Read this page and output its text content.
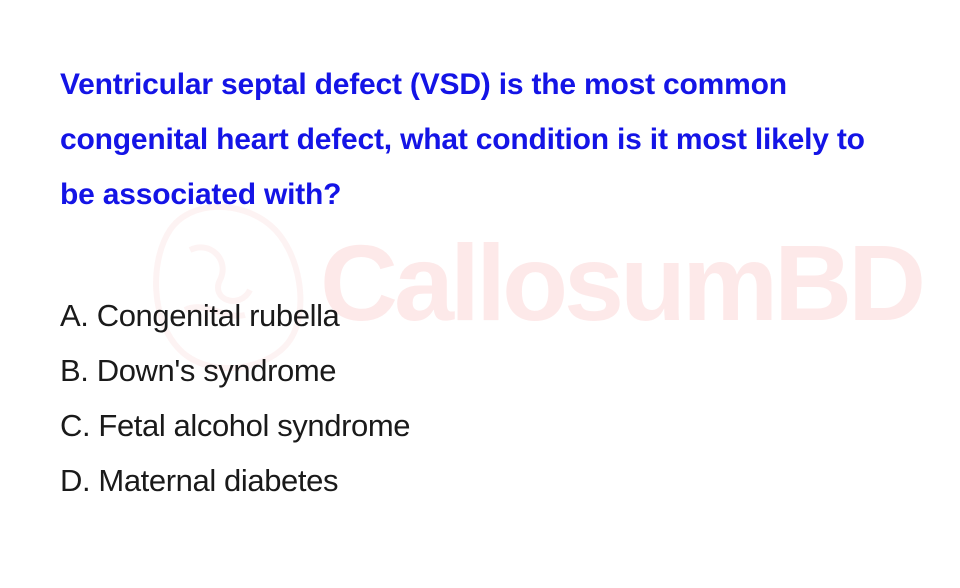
CallosumBD

Ventricular septal defect (VSD) is the most common congenital heart defect, what condition is it most likely to be associated with?

A. Congenital rubella
B. Down's syndrome
C. Fetal alcohol syndrome
D. Maternal diabetes
